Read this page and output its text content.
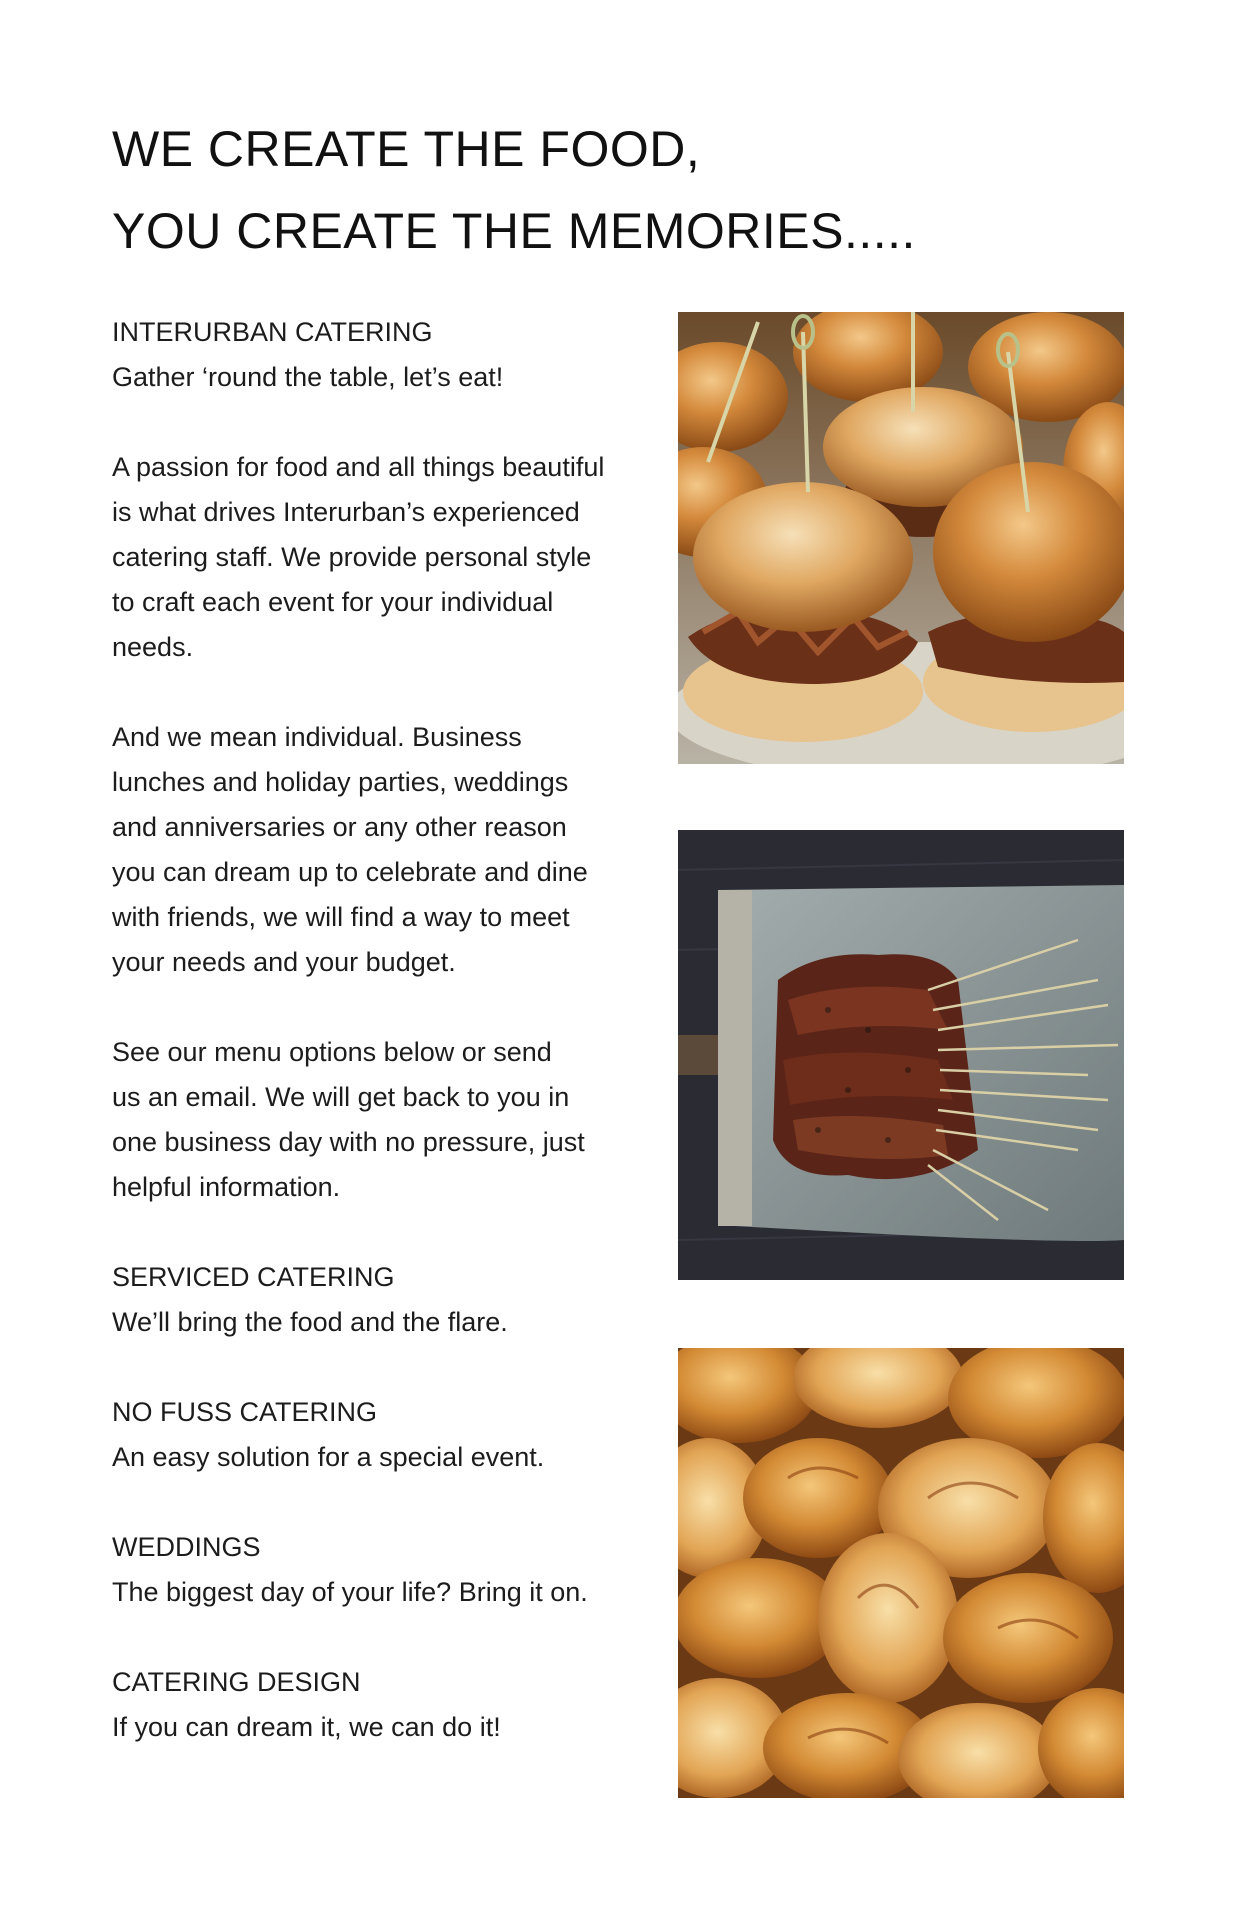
WE CREATE THE FOOD,
YOU CREATE THE MEMORIES.....
INTERURBAN CATERING
Gather ‘round the table, let’s eat!
A passion for food and all things beautiful
is what drives Interurban’s experienced
catering staff. We provide personal style
to craft each event for your individual
needs.
And we mean individual. Business
lunches and holiday parties, weddings
and anniversaries or any other reason
you can dream up to celebrate and dine
with friends, we will find a way to meet
your needs and your budget.
See our menu options below or send
us an email. We will get back to you in
one business day with no pressure, just
helpful information.
SERVICED CATERING
We’ll bring the food and the flare.
NO FUSS CATERING
An easy solution for a special event.
WEDDINGS
The biggest day of your life? Bring it on.
CATERING DESIGN
If you can dream it, we can do it!
